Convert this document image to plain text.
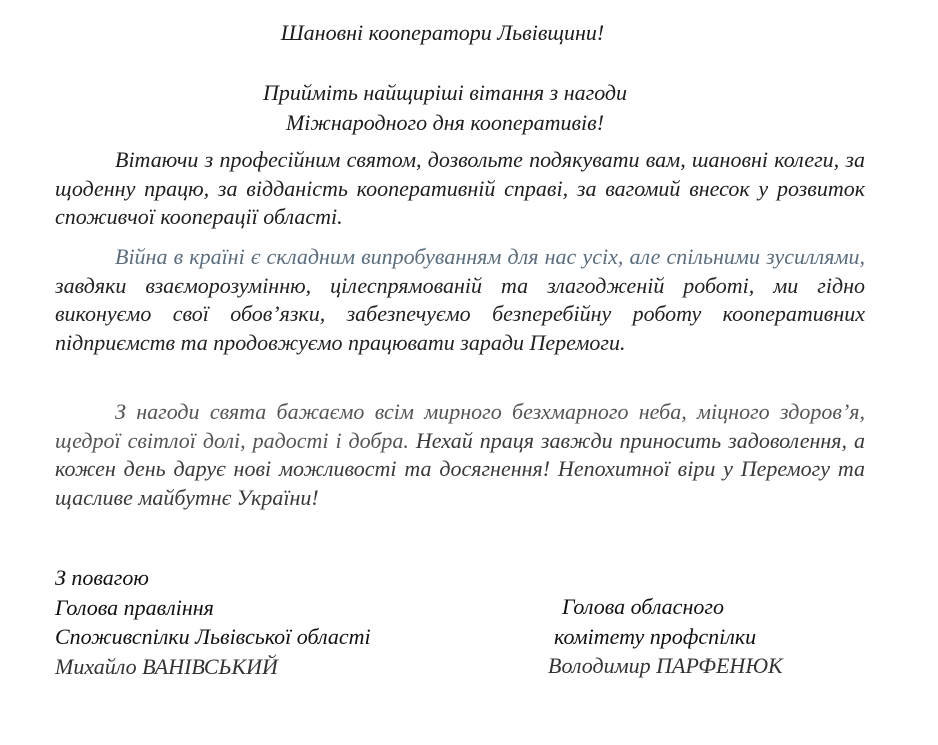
Шановні кооператори Львівщини!
Прийміть найщиріші вітання з нагоди
Міжнародного дня кооперативів!

Вітаючи з професійним святом, дозвольте подякувати вам, шановні колеги, за щоденну працю, за відданість кооперативній справі, за вагомий внесок у розвиток споживчої кооперації області.

Війна в країні є складним випробуванням для нас усіх, але спільними зусиллями, завдяки взаєморозумінню, цілеспрямованій та злагодженій роботі, ми гідно виконуємо свої обов’язки, забезпечуємо безперебійну роботу кооперативних підприємств та продовжуємо працювати заради Перемоги.

З нагоди свята бажаємо всім мирного безхмарного неба, міцного здоров’я, щедрої світлої долі, радості і добра. Нехай праця завжди приносить задоволення, а кожен день дарує нові можливості та досягнення! Непохитної віри у Перемогу та щасливе майбутнє України!

З повагою
Голова правління
Споживспілки Львівської області
Михайло ВАНІВСЬКИЙ
Голова обласного
комітету профспілки
Володимир ПАРФЕНЮК
